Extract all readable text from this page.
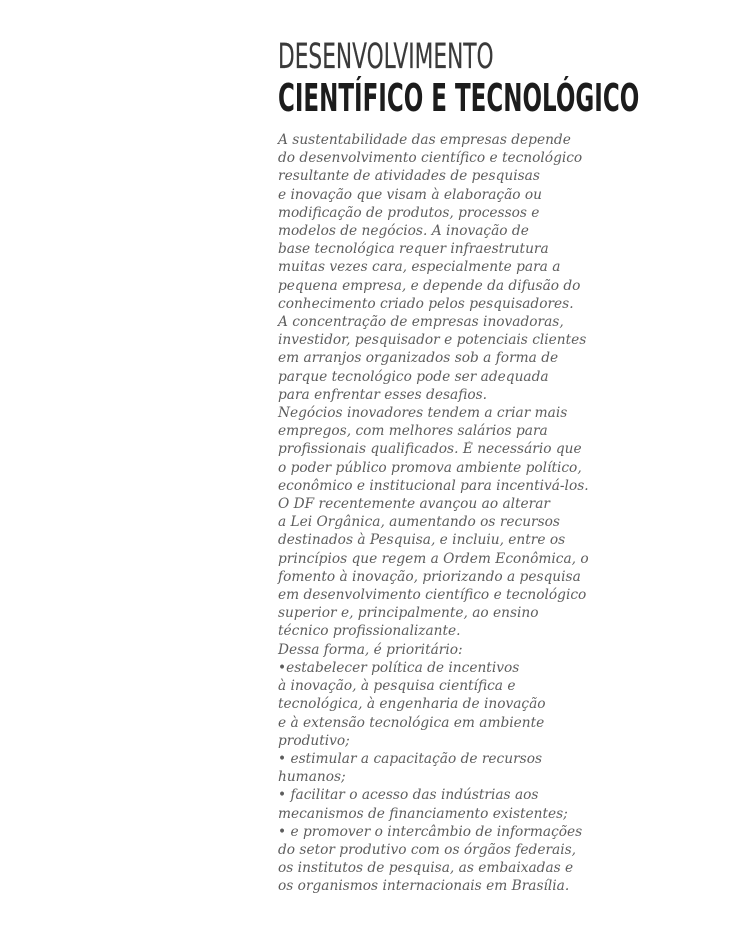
DESENVOLVIMENTO
CIENTÍFICO E TECNOLÓGICO
A sustentabilidade das empresas depende
do desenvolvimento científico e tecnológico
resultante de atividades de pesquisas
e inovação que visam à elaboração ou
modificação de produtos, processos e
modelos de negócios. A inovação de
base tecnológica requer infraestrutura
muitas vezes cara, especialmente para a
pequena empresa, e depende da difusão do
conhecimento criado pelos pesquisadores.
A concentração de empresas inovadoras,
investidor, pesquisador e potenciais clientes
em arranjos organizados sob a forma de
parque tecnológico pode ser adequada
para enfrentar esses desafios.
Negócios inovadores tendem a criar mais
empregos, com melhores salários para
profissionais qualificados. É necessário que
o poder público promova ambiente político,
econômico e institucional para incentivá-los.
O DF recentemente avançou ao alterar
a Lei Orgânica, aumentando os recursos
destinados à Pesquisa, e incluiu, entre os
princípios que regem a Ordem Econômica, o
fomento à inovação, priorizando a pesquisa
em desenvolvimento científico e tecnológico
superior e, principalmente, ao ensino
técnico profissionalizante.
Dessa forma, é prioritário:
•estabelecer política de incentivos
à inovação, à pesquisa científica e
tecnológica, à engenharia de inovação
e à extensão tecnológica em ambiente
produtivo;
• estimular a capacitação de recursos
humanos;
• facilitar o acesso das indústrias aos
mecanismos de financiamento existentes;
• e promover o intercâmbio de informações
do setor produtivo com os órgãos federais,
os institutos de pesquisa, as embaixadas e
os organismos internacionais em Brasília.
